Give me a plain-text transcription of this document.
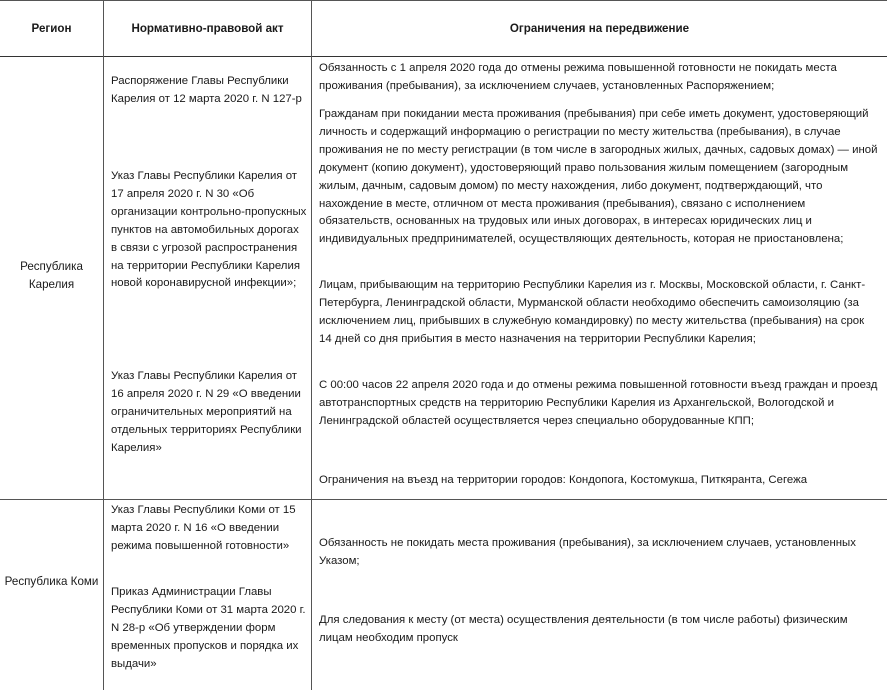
Регион	Нормативно-правовой акт	Ограничения на передвижение
Республика Карелия
Распоряжение Главы Республики Карелия от 12 марта 2020 г. N 127-р
Указ Главы Республики Карелия от 17 апреля 2020 г. N 30 «Об организации контрольно-пропускных пунктов на автомобильных дорогах в связи с угрозой распространения на территории Республики Карелия новой коронавирусной инфекции»;
Указ Главы Республики Карелия от 16 апреля 2020 г. N 29 «О введении ограничительных мероприятий на отдельных территориях Республики Карелия»
Обязанность с 1 апреля 2020 года до отмены режима повышенной готовности не покидать места проживания (пребывания), за исключением случаев, установленных Распоряжением;
Гражданам при покидании места проживания (пребывания) при себе иметь документ, удостоверяющий личность и содержащий информацию о регистрации по месту жительства (пребывания), в случае проживания не по месту регистрации (в том числе в загородных жилых, дачных, садовых домах) — иной документ (копию документ), удостоверяющий право пользования жилым помещением (загородным жилым, дачным, садовым домом) по месту нахождения, либо документ, подтверждающий, что нахождение в месте, отличном от места проживания (пребывания), связано с исполнением обязательств, основанных на трудовых или иных договорах, в интересах юридических лиц и индивидуальных предпринимателей, осуществляющих деятельность, которая не приостановлена;
Лицам, прибывающим на территорию Республики Карелия из г. Москвы, Московской области, г. Санкт-Петербурга, Ленинградской области, Мурманской области необходимо обеспечить самоизоляцию (за исключением лиц, прибывших в служебную командировку) по месту жительства (пребывания) на срок 14 дней со дня прибытия в место назначения на территории Республики Карелия;
С 00:00 часов 22 апреля 2020 года и до отмены режима повышенной готовности въезд граждан и проезд автотранспортных средств на территорию Республики Карелия из Архангельской, Вологодской и Ленинградской областей осуществляется через специально оборудованные КПП;
Ограничения на въезд на территории городов: Кондопога, Костомукша, Питкяранта, Сегежа
Республика Коми
Указ Главы Республики Коми от 15 марта 2020 г. N 16 «О введении режима повышенной готовности»
Приказ Администрации Главы Республики Коми от 31 марта 2020 г. N 28-р «Об утверждении форм временных пропусков и порядка их выдачи»
Обязанность не покидать места проживания (пребывания), за исключением случаев, установленных Указом;
Для следования к месту (от места) осуществления деятельности (в том числе работы) физическим лицам необходим пропуск
